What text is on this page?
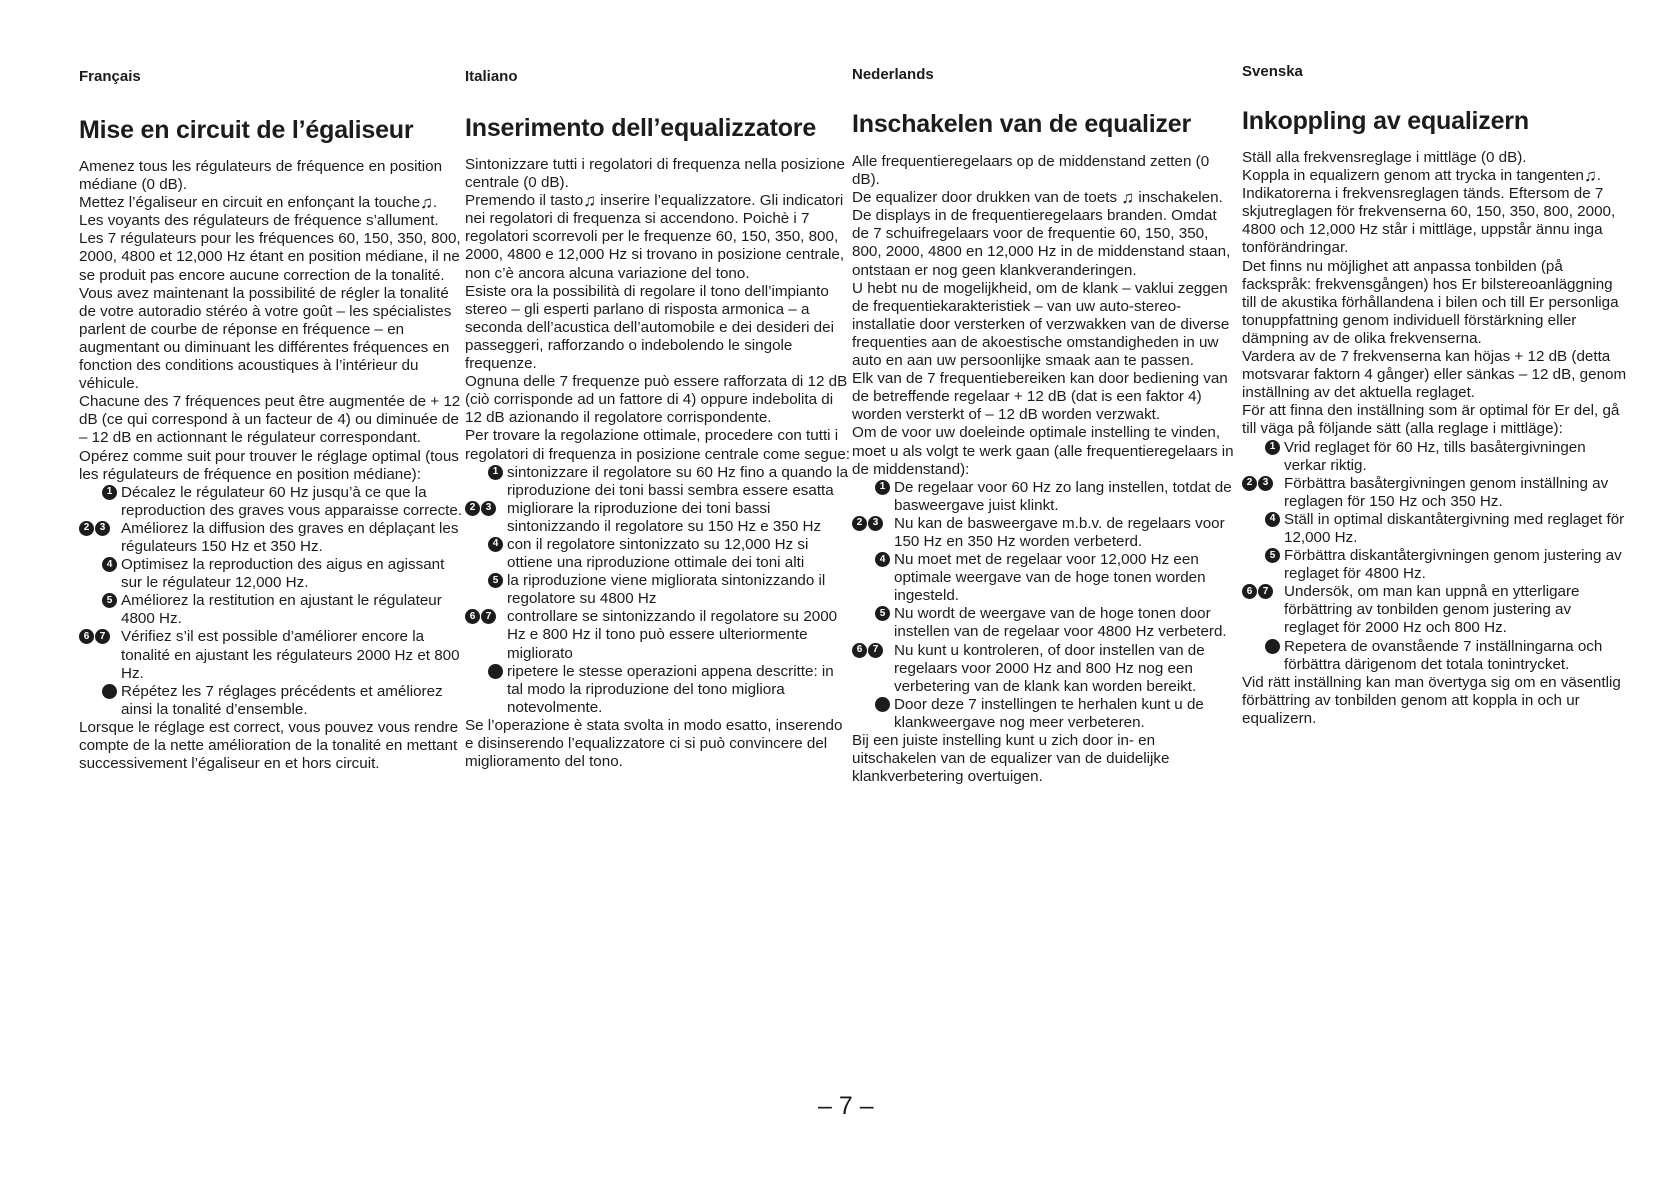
Français
Mise en circuit de l’égaliseur

Amenez tous les régulateurs de fréquence en position médiane (0 dB).

Mettez l’égaliseur en circuit en enfonçant la touche♫. Les voyants des régulateurs de fréquence s’allument. Les 7 régulateurs pour les fréquences 60, 150, 350, 800, 2000, 4800 et 12,000 Hz étant en position médiane, il ne se produit pas encore aucune correction de la tonalité.

Vous avez maintenant la possibilité de régler la tonalité de votre autoradio stéréo à votre goût – les spécialistes parlent de courbe de réponse en fréquence – en augmentant ou diminuant les différentes fréquences en fonction des conditions acoustiques à l’intérieur du véhicule.

Chacune des 7 fréquences peut être augmentée de + 12 dB (ce qui correspond à un facteur de 4) ou diminuée de – 12 dB en actionnant le régulateur correspondant.

Opérez comme suit pour trouver le réglage optimal (tous les régulateurs de fréquence en position médiane):

1 Décalez le régulateur 60 Hz jusqu’à ce que la reproduction des graves vous apparaisse correcte.
2	3	Améliorez la diffusion des graves en déplaçant les régulateurs 150 Hz et 350 Hz.
4 Optimisez la reproduction des aigus en agissant sur le régulateur 12,000 Hz.
5 Améliorez la restitution en ajustant le régulateur 4800 Hz.
6	7	Vérifiez s’il est possible d’améliorer encore la tonalité en ajustant les régulateurs 2000 Hz et 800 Hz.
Répétez les 7 réglages précédents et améliorez ainsi la tonalité d’ensemble.

Lorsque le réglage est correct, vous pouvez vous rendre compte de la nette amélioration de la tonalité en mettant successivement l’égaliseur en et hors circuit.

Italiano
Inserimento dell’equalizzatore

Sintonizzare tutti i regolatori di frequenza nella posizione centrale (0 dB).

Premendo il tasto♫ inserire l’equalizzatore. Gli indicatori nei regolatori di frequenza si accendono. Poichè i 7 regolatori scorrevoli per le frequenze 60, 150, 350, 800, 2000, 4800 e 12,000 Hz si trovano in posizione centrale, non c’è ancora alcuna variazione del tono.

Esiste ora la possibilità di regolare il tono dell’impianto stereo – gli esperti parlano di risposta armonica – a seconda dell’acustica dell’automobile e dei desideri dei passeggeri, rafforzando o indebolendo le singole frequenze.

Ognuna delle 7 frequenze può essere rafforzata di 12 dB (ciò corrisponde ad un fattore di 4) oppure indebolita di 12 dB azionando il regolatore corrispondente.

Per trovare la regolazione ottimale, procedere con tutti i regolatori di frequenza in posizione centrale come segue:

1 sintonizzare il regolatore su 60 Hz fino a quando la riproduzione dei toni bassi sembra essere esatta
2	3	migliorare la riproduzione dei toni bassi sintonizzando il regolatore su 150 Hz e 350 Hz
4 con il regolatore sintonizzato su 12,000 Hz si ottiene una riproduzione ottimale dei toni alti
5 la riproduzione viene migliorata sintonizzando il regolatore su 4800 Hz
6	7	controllare se sintonizzando il regolatore su 2000 Hz e 800 Hz il tono può essere ulteriormente migliorato
ripetere le stesse operazioni appena descritte: in tal modo la riproduzione del tono migliora notevolmente.

Se l’operazione è stata svolta in modo esatto, inserendo e disinserendo l’equalizzatore ci si può convincere del miglioramento del tono.

Nederlands
Inschakelen van de equalizer

Alle frequentieregelaars op de middenstand zetten (0 dB).

De equalizer door drukken van de toets ♫ inschakelen.

De displays in de frequentieregelaars branden. Omdat de 7 schuifregelaars voor de frequentie 60, 150, 350, 800, 2000, 4800 en 12,000 Hz in de middenstand staan, ontstaan er nog geen klankveranderingen.

U hebt nu de mogelijkheid, om de klank – vaklui zeggen de frequentiekarakteristiek – van uw auto-stereo-installatie door versterken of verzwakken van de diverse frequenties aan de akoestische omstandigheden in uw auto en aan uw persoonlijke smaak aan te passen.

Elk van de 7 frequentiebereiken kan door bediening van de betreffende regelaar + 12 dB (dat is een faktor 4) worden versterkt of – 12 dB worden verzwakt.

Om de voor uw doeleinde optimale instelling te vinden, moet u als volgt te werk gaan (alle frequentieregelaars in de middenstand):

1 De regelaar voor 60 Hz zo lang instellen, totdat de basweergave juist klinkt.
2	3	Nu kan de basweergave m.b.v. de regelaars voor 150 Hz en 350 Hz worden verbeterd.
4 Nu moet met de regelaar voor 12,000 Hz een optimale weergave van de hoge tonen worden ingesteld.
5 Nu wordt de weergave van de hoge tonen door instellen van de regelaar voor 4800 Hz verbeterd.
6	7	Nu kunt u kontroleren, of door instellen van de regelaars voor 2000 Hz and 800 Hz nog een verbetering van de klank kan worden bereikt.
Door deze 7 instellingen te herhalen kunt u de klankweergave nog meer verbeteren.

Bij een juiste instelling kunt u zich door in- en uitschakelen van de equalizer van de duidelijke klankverbetering overtuigen.

Svenska
Inkoppling av equalizern

Ställ alla frekvensreglage i mittläge (0 dB).

Koppla in equalizern genom att trycka in tangenten♫.

Indikatorerna i frekvensreglagen tänds. Eftersom de 7 skjutreglagen för frekvenserna 60, 150, 350, 800, 2000, 4800 och 12,000 Hz står i mittläge, uppstår ännu inga tonförändringar.

Det finns nu möjlighet att anpassa tonbilden (på fackspråk: frekvensgången) hos Er bilstereoanläggning till de akustika förhållandena i bilen och till Er personliga tonuppfattning genom individuell förstärkning eller dämpning av de olika frekvenserna.

Vardera av de 7 frekvenserna kan höjas + 12 dB (detta motsvarar faktorn 4 gånger) eller sänkas – 12 dB, genom inställning av det aktuella reglaget.

För att finna den inställning som är optimal för Er del, gå till väga på följande sätt (alla reglage i mittläge):

1 Vrid reglaget för 60 Hz, tills basåtergivningen verkar riktig.
2	3	Förbättra basåtergivningen genom inställning av reglagen för 150 Hz och 350 Hz.
4 Ställ in optimal diskantåtergivning med reglaget för 12,000 Hz.
5 Förbättra diskantåtergivningen genom justering av reglaget för 4800 Hz.
6	7	Undersök, om man kan uppnå en ytterligare förbättring av tonbilden genom justering av reglaget för 2000 Hz och 800 Hz.
Repetera de ovanstående 7 inställningarna och förbättra därigenom det totala tonintrycket.

Vid rätt inställning kan man övertyga sig om en väsentlig förbättring av tonbilden genom att koppla in och ur equalizern.

– 7 –
